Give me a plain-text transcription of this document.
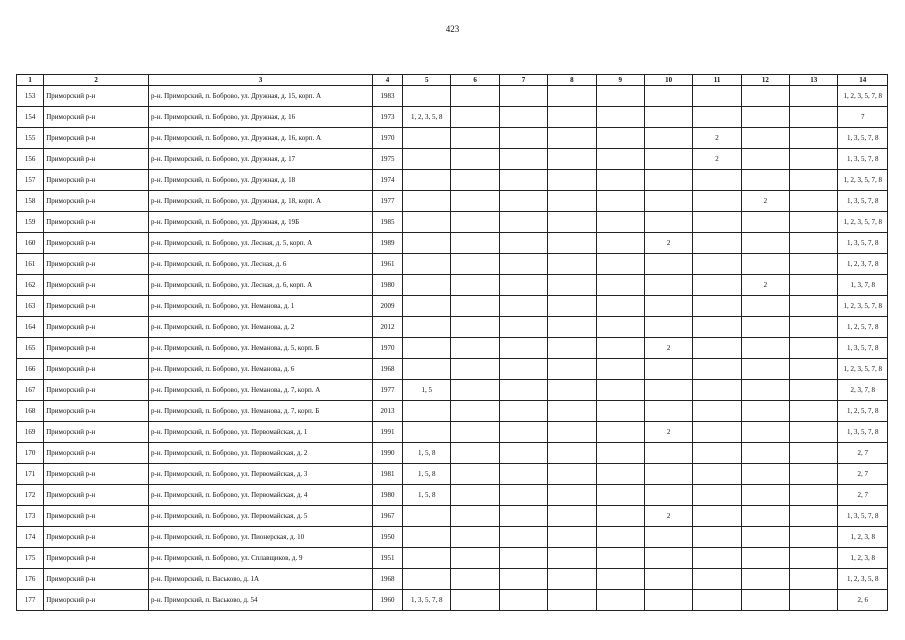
423
1	2	3	4	5	6	7	8	9	10	11	12	13	14
153	Приморский р-н	р-н. Приморский, п. Боброво, ул. Дружная, д. 15, корп. А	1983										1, 2, 3, 5, 7, 8
154	Приморский р-н	р-н. Приморский, п. Боброво, ул. Дружная, д. 16	1973	1, 2, 3, 5, 8									7
155	Приморский р-н	р-н. Приморский, п. Боброво, ул. Дружная, д. 16, корп. А	1970							2			1, 3, 5, 7, 8
156	Приморский р-н	р-н. Приморский, п. Боброво, ул. Дружная, д. 17	1975							2			1, 3, 5, 7, 8
157	Приморский р-н	р-н. Приморский, п. Боброво, ул. Дружная, д. 18	1974										1, 2, 3, 5, 7, 8
158	Приморский р-н	р-н. Приморский, п. Боброво, ул. Дружная, д. 18, корп. А	1977								2		1, 3, 5, 7, 8
159	Приморский р-н	р-н. Приморский, п. Боброво, ул. Дружная, д. 19Б	1985										1, 2, 3, 5, 7, 8
160	Приморский р-н	р-н. Приморский, п. Боброво, ул. Лесная, д. 5, корп. А	1989						2				1, 3, 5, 7, 8
161	Приморский р-н	р-н. Приморский, п. Боброво, ул. Лесная, д. 6	1961										1, 2, 3, 7, 8
162	Приморский р-н	р-н. Приморский, п. Боброво, ул. Лесная, д. 6, корп. А	1980								2		1, 3, 7, 8
163	Приморский р-н	р-н. Приморский, п. Боброво, ул. Неманова, д. 1	2009										1, 2, 3, 5, 7, 8
164	Приморский р-н	р-н. Приморский, п. Боброво, ул. Неманова, д. 2	2012										1, 2, 5, 7, 8
165	Приморский р-н	р-н. Приморский, п. Боброво, ул. Неманова, д. 5, корп. Б	1970						2				1, 3, 5, 7, 8
166	Приморский р-н	р-н. Приморский, п. Боброво, ул. Неманова, д. 6	1968										1, 2, 3, 5, 7, 8
167	Приморский р-н	р-н. Приморский, п. Боброво, ул. Неманова, д. 7, корп. А	1977	1, 5									2, 3, 7, 8
168	Приморский р-н	р-н. Приморский, п. Боброво, ул. Неманова, д. 7, корп. Б	2013										1, 2, 5, 7, 8
169	Приморский р-н	р-н. Приморский, п. Боброво, ул. Первомайская, д. 1	1991						2				1, 3, 5, 7, 8
170	Приморский р-н	р-н. Приморский, п. Боброво, ул. Первомайская, д. 2	1990	1, 5, 8									2, 7
171	Приморский р-н	р-н. Приморский, п. Боброво, ул. Первомайская, д. 3	1981	1, 5, 8									2, 7
172	Приморский р-н	р-н. Приморский, п. Боброво, ул. Первомайская, д. 4	1980	1, 5, 8									2, 7
173	Приморский р-н	р-н. Приморский, п. Боброво, ул. Первомайская, д. 5	1967						2				1, 3, 5, 7, 8
174	Приморский р-н	р-н. Приморский, п. Боброво, ул. Пионерская, д. 10	1950										1, 2, 3, 8
175	Приморский р-н	р-н. Приморский, п. Боброво, ул. Сплавщиков, д. 9	1951										1, 2, 3, 8
176	Приморский р-н	р-н. Приморский, п. Васьково, д. 1А	1968										1, 2, 3, 5, 8
177	Приморский р-н	р-н. Приморский, п. Васьково, д. 54	1960	1, 3, 5, 7, 8									2, 6
